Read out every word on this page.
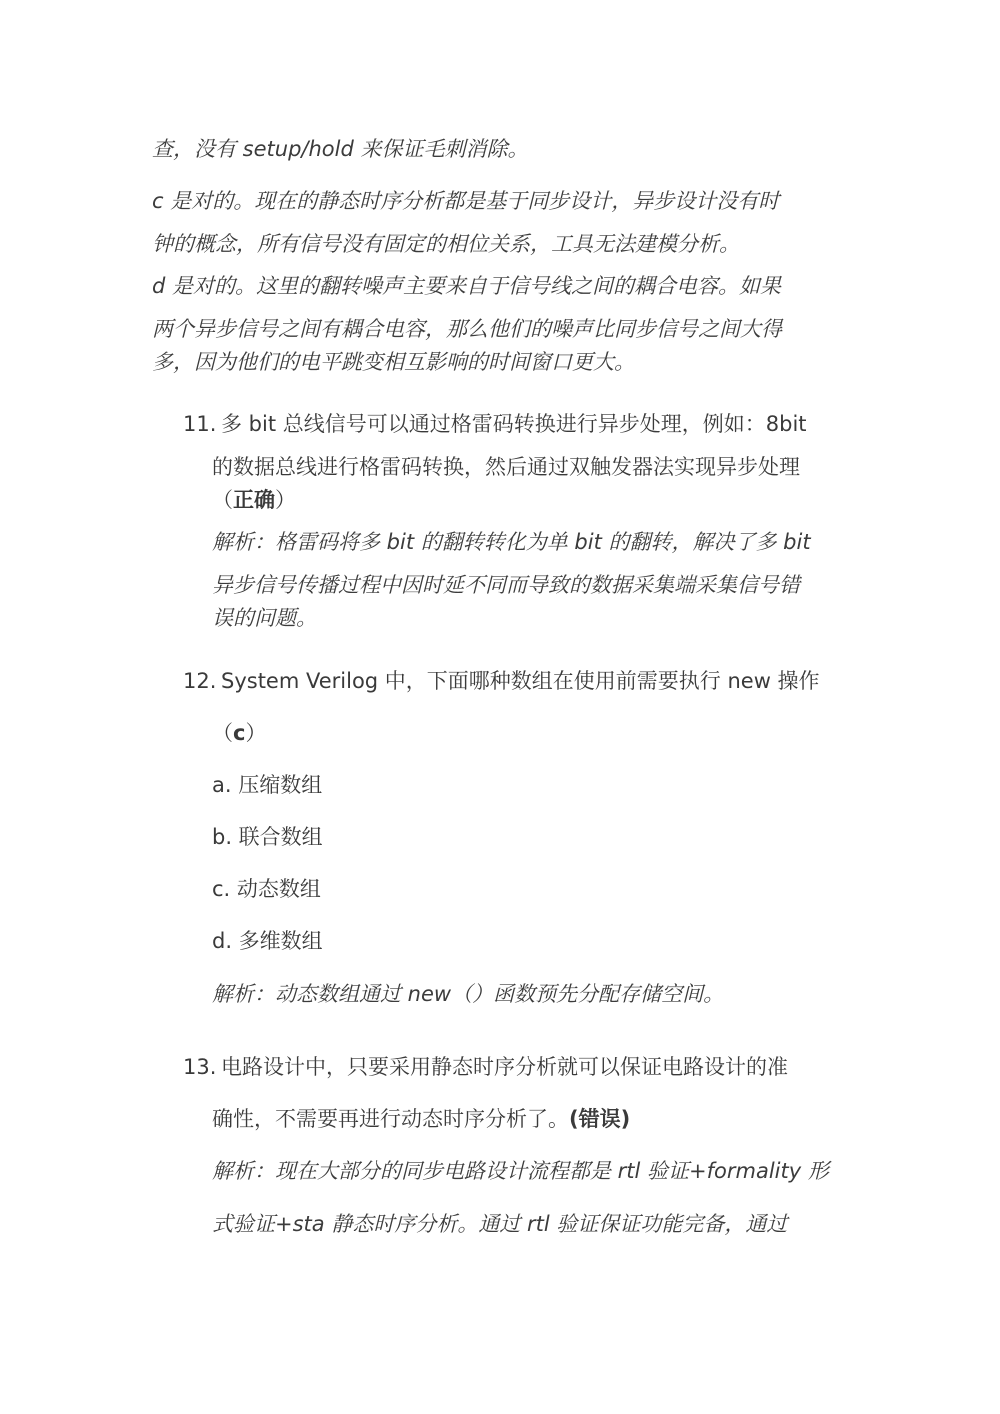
查，没有 setup/hold 来保证毛刺消除。
c 是对的。现在的静态时序分析都是基于同步设计，异步设计没有时
钟的概念，所有信号没有固定的相位关系，工具无法建模分析。
d 是对的。这里的翻转噪声主要来自于信号线之间的耦合电容。如果
两个异步信号之间有耦合电容，那么他们的噪声比同步信号之间大得
多，因为他们的电平跳变相互影响的时间窗口更大。
11. 多 bit 总线信号可以通过格雷码转换进行异步处理，例如：8bit
的数据总线进行格雷码转换，然后通过双触发器法实现异步处理
（正确）
解析：格雷码将多 bit 的翻转转化为单 bit 的翻转，解决了多 bit
异步信号传播过程中因时延不同而导致的数据采集端采集信号错
误的问题。
12. System Verilog 中，下面哪种数组在使用前需要执行 new 操作
（c）
a. 压缩数组
b. 联合数组
c. 动态数组
d. 多维数组
解析：动态数组通过 new（）函数预先分配存储空间。
13. 电路设计中，只要采用静态时序分析就可以保证电路设计的准
确性，不需要再进行动态时序分析了。(错误)
解析：现在大部分的同步电路设计流程都是 rtl 验证+formality 形
式验证+sta 静态时序分析。通过 rtl 验证保证功能完备，通过
